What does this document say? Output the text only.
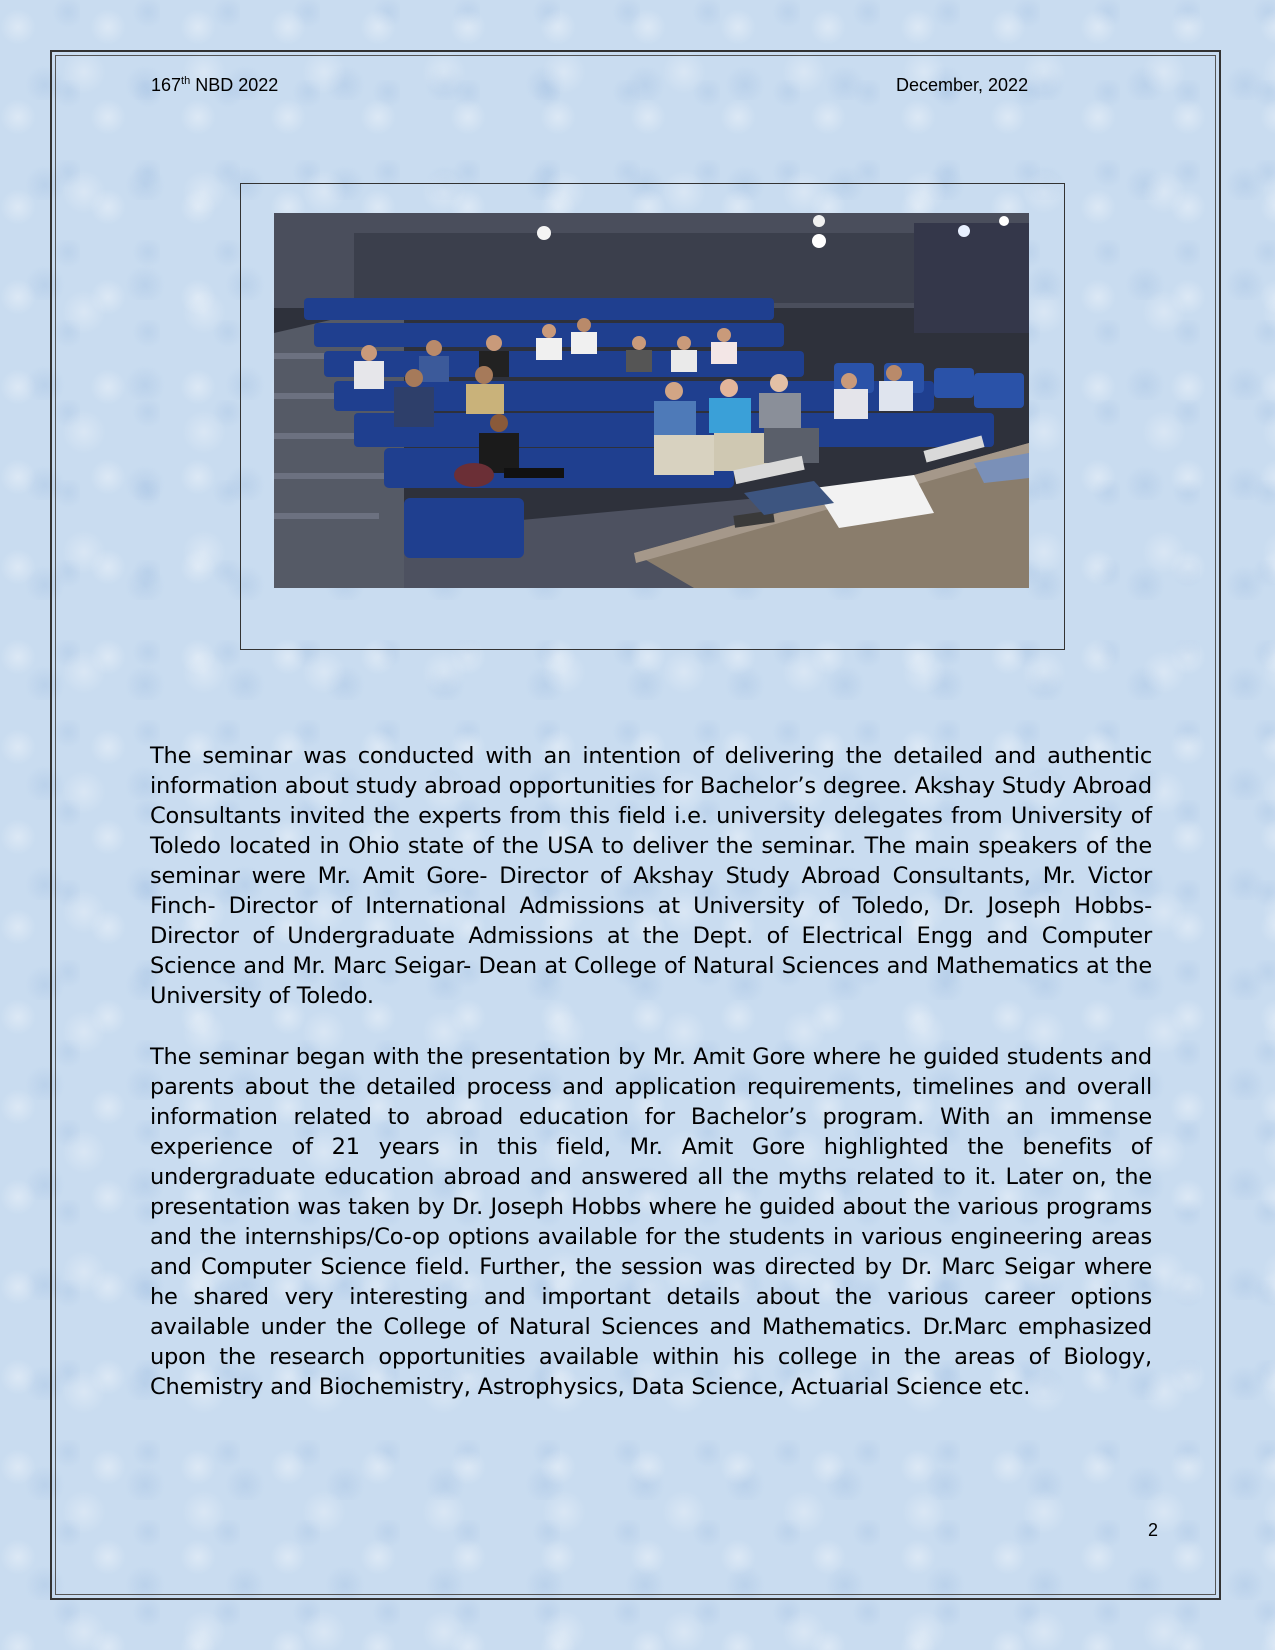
167th NBD 2022	December, 2022
The seminar was conducted with an intention of delivering the detailed and authentic information about study abroad opportunities for Bachelor’s degree. Akshay Study Abroad Consultants invited the experts from this field i.e. university delegates from University of Toledo located in Ohio state of the USA to deliver the seminar. The main speakers of the seminar were Mr. Amit Gore- Director of Akshay Study Abroad Consultants, Mr. Victor Finch- Director of International Admissions at University of Toledo, Dr. Joseph Hobbs- Director of Undergraduate Admissions at the Dept. of Electrical Engg and Computer Science and Mr. Marc Seigar- Dean at College of Natural Sciences and Mathematics at the University of Toledo.
The seminar began with the presentation by Mr. Amit Gore where he guided students and parents about the detailed process and application requirements, timelines and overall information related to abroad education for Bachelor’s program. With an immense experience of 21 years in this field, Mr. Amit Gore highlighted the benefits of undergraduate education abroad and answered all the myths related to it. Later on, the presentation was taken by Dr. Joseph Hobbs where he guided about the various programs and the internships/Co-op options available for the students in various engineering areas and Computer Science field. Further, the session was directed by Dr. Marc Seigar where he shared very interesting and important details about the various career options available under the College of Natural Sciences and Mathematics. Dr.Marc emphasized upon the research opportunities available within his college in the areas of Biology, Chemistry and Biochemistry, Astrophysics, Data Science, Actuarial Science etc.
2
